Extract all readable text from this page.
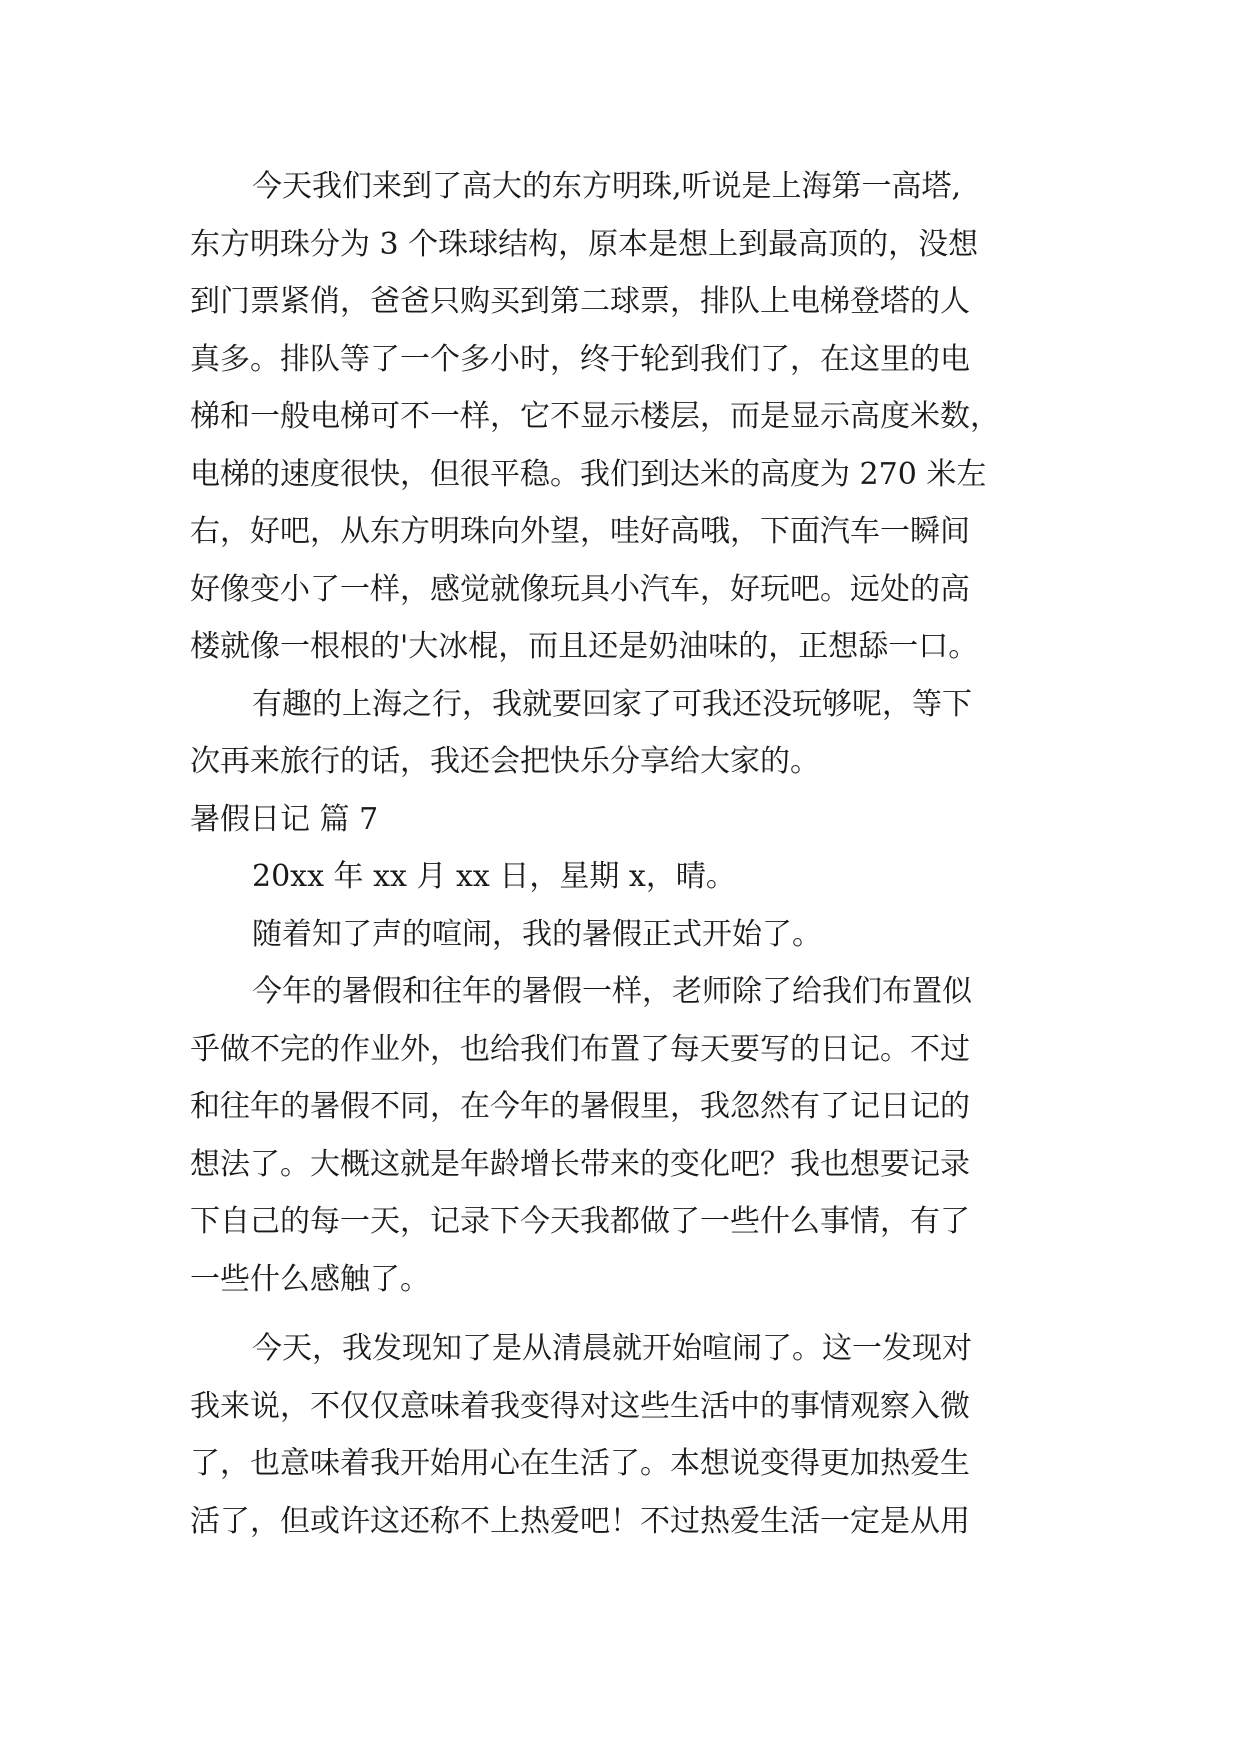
今天我们来到了高大的东方明珠,听说是上海第一高塔,
东方明珠分为 3 个珠球结构，原本是想上到最高顶的，没想
到门票紧俏，爸爸只购买到第二球票，排队上电梯登塔的人
真多。排队等了一个多小时，终于轮到我们了，在这里的电
梯和一般电梯可不一样，它不显示楼层，而是显示高度米数，
电梯的速度很快，但很平稳。我们到达米的高度为 270 米左
右，好吧，从东方明珠向外望，哇好高哦，下面汽车一瞬间
好像变小了一样，感觉就像玩具小汽车，好玩吧。远处的高
楼就像一根根的'大冰棍，而且还是奶油味的，正想舔一口。
有趣的上海之行，我就要回家了可我还没玩够呢，等下
次再来旅行的话，我还会把快乐分享给大家的。
暑假日记 篇 7
20xx 年 xx 月 xx 日，星期 x，晴。
随着知了声的喧闹，我的暑假正式开始了。
今年的暑假和往年的暑假一样，老师除了给我们布置似
乎做不完的作业外，也给我们布置了每天要写的日记。不过
和往年的暑假不同，在今年的暑假里，我忽然有了记日记的
想法了。大概这就是年龄增长带来的变化吧？我也想要记录
下自己的每一天，记录下今天我都做了一些什么事情，有了
一些什么感触了。
今天，我发现知了是从清晨就开始喧闹了。这一发现对
我来说，不仅仅意味着我变得对这些生活中的事情观察入微
了，也意味着我开始用心在生活了。本想说变得更加热爱生
活了，但或许这还称不上热爱吧！不过热爱生活一定是从用
